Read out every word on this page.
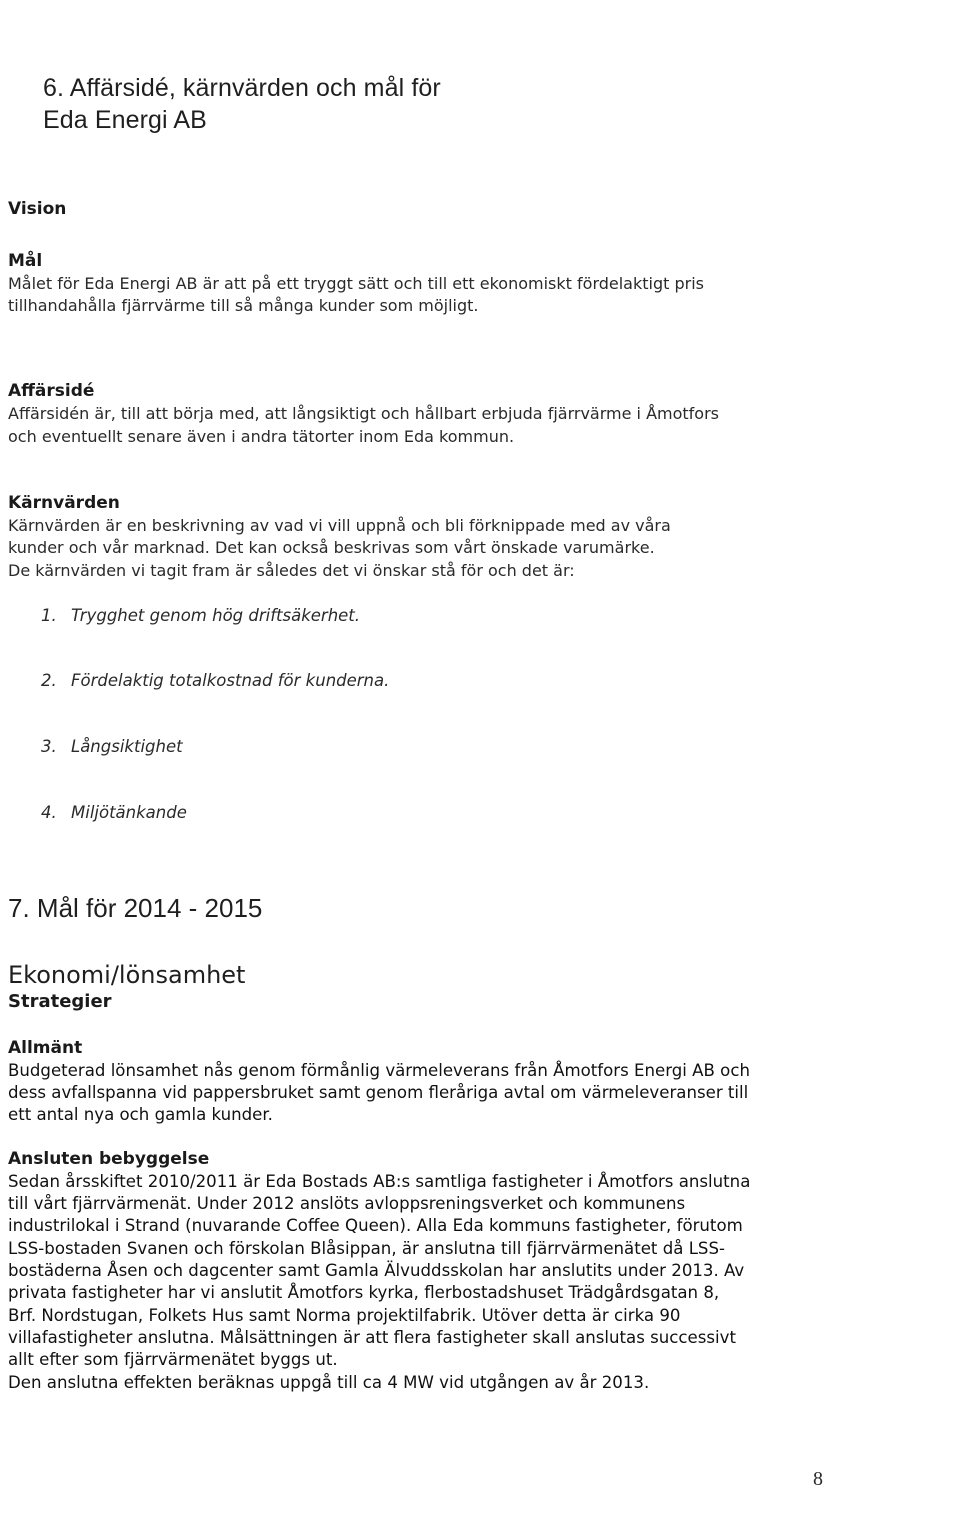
6. Affärsidé, kärnvärden och mål för
Eda Energi AB
Vision
Mål
Målet för Eda Energi AB är att på ett tryggt sätt och till ett ekonomiskt fördelaktigt pris
tillhandahålla fjärrvärme till så många kunder som möjligt.
Affärsidé
Affärsidén är, till att börja med, att långsiktigt och hållbart erbjuda fjärrvärme i Åmotfors
och eventuellt senare även i andra tätorter inom Eda kommun.
Kärnvärden
Kärnvärden är en beskrivning av vad vi vill uppnå och bli förknippade med av våra
kunder och vår marknad. Det kan också beskrivas som vårt önskade varumärke.
De kärnvärden vi tagit fram är således det vi önskar stå för och det är:
1. Trygghet genom hög driftsäkerhet.
2. Fördelaktig totalkostnad för kunderna.
3. Långsiktighet
4. Miljötänkande
7. Mål för 2014 - 2015
Ekonomi/lönsamhet
Strategier
Allmänt
Budgeterad lönsamhet nås genom förmånlig värmeleverans från Åmotfors Energi AB och
dess avfallspanna vid pappersbruket samt genom fleråriga avtal om värmeleveranser till
ett antal nya och gamla kunder.
Ansluten bebyggelse
Sedan årsskiftet 2010/2011 är Eda Bostads AB:s samtliga fastigheter i Åmotfors anslutna
till vårt fjärrvärmenät. Under 2012 anslöts avloppsreningsverket och kommunens
industrilokal i Strand (nuvarande Coffee Queen). Alla Eda kommuns fastigheter, förutom
LSS-bostaden Svanen och förskolan Blåsippan, är anslutna till fjärrvärmenätet då LSS-
bostäderna Åsen och dagcenter samt Gamla Älvuddsskolan har anslutits under 2013. Av
privata fastigheter har vi anslutit Åmotfors kyrka, flerbostadshuset Trädgårdsgatan 8,
Brf. Nordstugan, Folkets Hus samt Norma projektilfabrik. Utöver detta är cirka 90
villafastigheter anslutna. Målsättningen är att flera fastigheter skall anslutas successivt
allt efter som fjärrvärmenätet byggs ut.
Den anslutna effekten beräknas uppgå till ca 4 MW vid utgången av år 2013.
8
